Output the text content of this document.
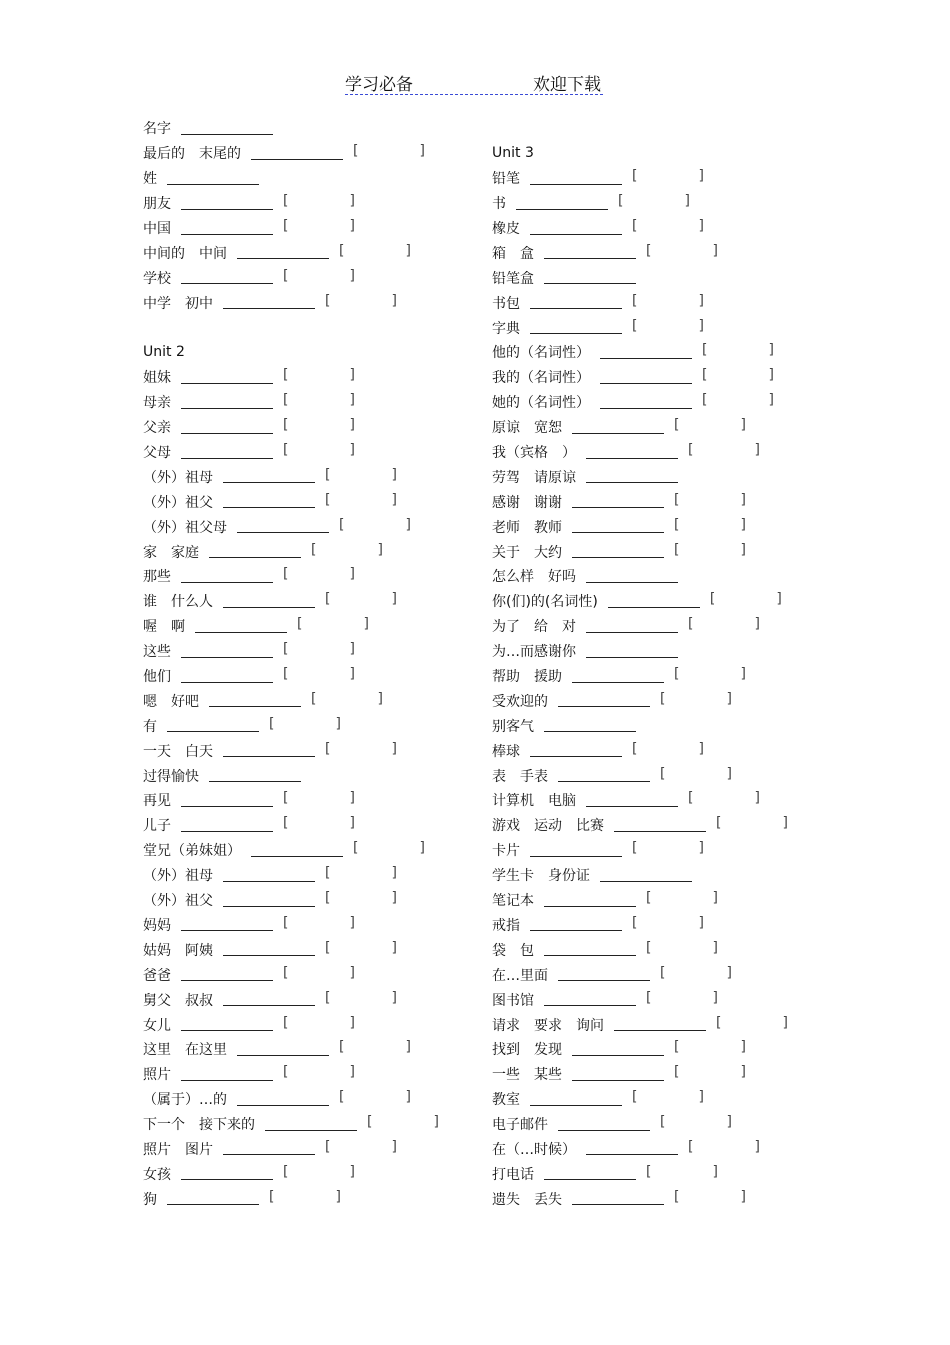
学习必备	欢迎下载
名字
最后的　末尾的	[	]
姓
朋友	[	]
中国	[	]
中间的　中间	[	]
学校	[	]
中学　初中	[	]
Unit 2
姐妹	[	]
母亲	[	]
父亲	[	]
父母	[	]
（外）祖母	[	]
（外）祖父	[	]
（外）祖父母	[	]
家　家庭	[	]
那些	[	]
谁　什么人	[	]
喔　啊	[	]
这些	[	]
他们	[	]
嗯　好吧	[	]
有	[	]
一天　白天	[	]
过得愉快
再见	[	]
儿子	[	]
堂兄（弟妹姐）	[	]
（外）祖母	[	]
（外）祖父	[	]
妈妈	[	]
姑妈　阿姨	[	]
爸爸	[	]
舅父　叔叔	[	]
女儿	[	]
这里　在这里	[	]
照片	[	]
（属于）…的	[	]
下一个　接下来的	[	]
照片　图片	[	]
女孩	[	]
狗	[	]
Unit 3
铅笔	[	]
书	[	]
橡皮	[	]
箱　盒	[	]
铅笔盒
书包	[	]
字典	[	]
他的（名词性）	[	]
我的（名词性）	[	]
她的（名词性）	[	]
原谅　宽恕	[	]
我（宾格　）	[	]
劳驾　请原谅
感谢　谢谢	[	]
老师　教师	[	]
关于　大约	[	]
怎么样　好吗
你(们)的(名词性)	[	]
为了　给　对	[	]
为…而感谢你
帮助　援助	[	]
受欢迎的	[	]
别客气
棒球	[	]
表　手表	[	]
计算机　电脑	[	]
游戏　运动　比赛	[	]
卡片	[	]
学生卡　身份证
笔记本	[	]
戒指	[	]
袋　包	[	]
在…里面	[	]
图书馆	[	]
请求　要求　询问	[	]
找到　发现	[	]
一些　某些	[	]
教室	[	]
电子邮件	[	]
在（…时候）	[	]
打电话	[	]
遗失　丢失	[	]
